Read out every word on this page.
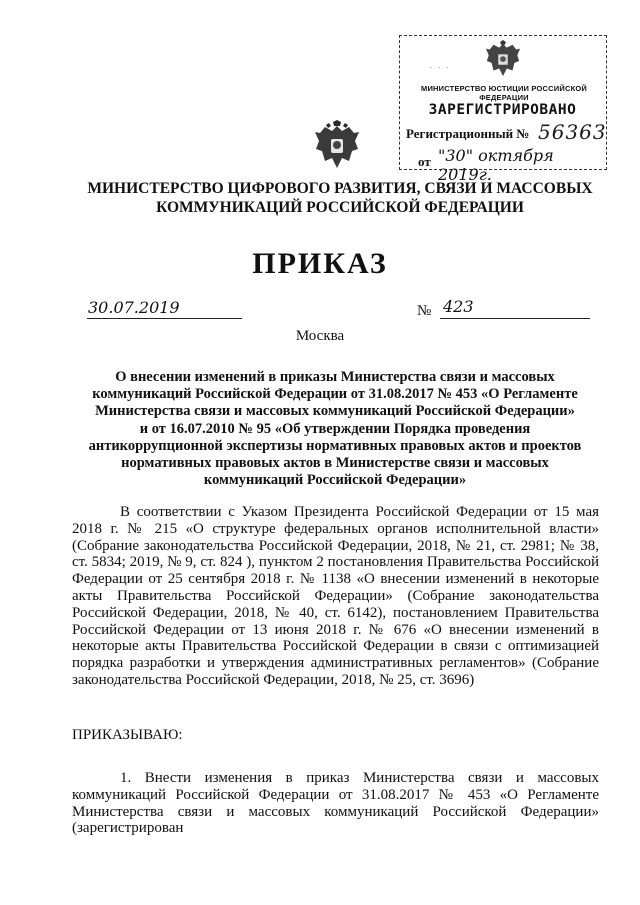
· · ·
МИНИСТЕРСТВО ЮСТИЦИИ РОССИЙСКОЙ ФЕДЕРАЦИИ
ЗАРЕГИСТРИРОВАНО
Регистрационный № 56363
от "30" октября 2019г.
МИНИСТЕРСТВО ЦИФРОВОГО РАЗВИТИЯ, СВЯЗИ И МАССОВЫХ
КОММУНИКАЦИЙ РОССИЙСКОЙ ФЕДЕРАЦИИ
ПРИКАЗ
30.07.2019	№ 423
Москва
О внесении изменений в приказы Министерства связи и массовых
коммуникаций Российской Федерации от 31.08.2017 № 453 «О Регламенте
Министерства связи и массовых коммуникаций Российской Федерации»
и от 16.07.2010 № 95 «Об утверждении Порядка проведения
антикоррупционной экспертизы нормативных правовых актов и проектов
нормативных правовых актов в Министерстве связи и массовых
коммуникаций Российской Федерации»
В соответствии с Указом Президента Российской Федерации от 15 мая 2018 г. № 215 «О структуре федеральных органов исполнительной власти» (Собрание законодательства Российской Федерации, 2018, № 21, ст. 2981; № 38, ст. 5834; 2019, № 9, ст. 824 ), пунктом 2 постановления Правительства Российской Федерации от 25 сентября 2018 г. № 1138 «О внесении изменений в некоторые акты Правительства Российской Федерации» (Собрание законодательства Российской Федерации, 2018, № 40, ст. 6142), постановлением Правительства Российской Федерации от 13 июня 2018 г. № 676 «О внесении изменений в некоторые акты Правительства Российской Федерации в связи с оптимизацией порядка разработки и утверждения административных регламентов» (Собрание законодательства Российской Федерации, 2018, № 25, ст. 3696)
ПРИКАЗЫВАЮ:
1. Внести изменения в приказ Министерства связи и массовых коммуникаций Российской Федерации от 31.08.2017 № 453 «О Регламенте Министерства связи и массовых коммуникаций Российской Федерации» (зарегистрирован
